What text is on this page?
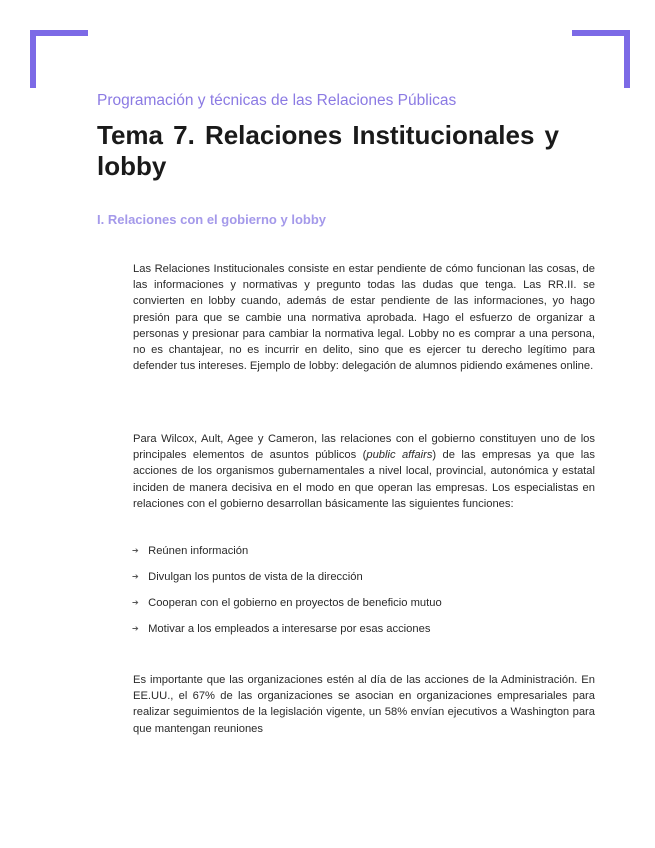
Programación y técnicas de las Relaciones Públicas
Tema 7. Relaciones Institucionales y lobby
I. Relaciones con el gobierno y lobby

Las Relaciones Institucionales consiste en estar pendiente de cómo funcionan las cosas, de las informaciones y normativas y pregunto todas las dudas que tenga. Las RR.II. se convierten en lobby cuando, además de estar pendiente de las informaciones, yo hago presión para que se cambie una normativa aprobada. Hago el esfuerzo de organizar a personas y presionar para cambiar la normativa legal. Lobby no es comprar a una persona, no es chantajear, no es incurrir en delito, sino que es ejercer tu derecho legítimo para defender tus intereses. Ejemplo de lobby: delegación de alumnos pidiendo exámenes online.

Para Wilcox, Ault, Agee y Cameron, las relaciones con el gobierno constituyen uno de los principales elementos de asuntos públicos (public affairs) de las empresas ya que las acciones de los organismos gubernamentales a nivel local, provincial, autonómica y estatal inciden de manera decisiva en el modo en que operan las empresas. Los especialistas en relaciones con el gobierno desarrollan básicamente las siguientes funciones:

➔ Reúnen información
➔ Divulgan los puntos de vista de la dirección
➔ Cooperan con el gobierno en proyectos de beneficio mutuo
➔ Motivar a los empleados a interesarse por esas acciones

Es importante que las organizaciones estén al día de las acciones de la Administración. En EE.UU., el 67% de las organizaciones se asocian en organizaciones empresariales para realizar seguimientos de la legislación vigente, un 58% envían ejecutivos a Washington para que mantengan reuniones
